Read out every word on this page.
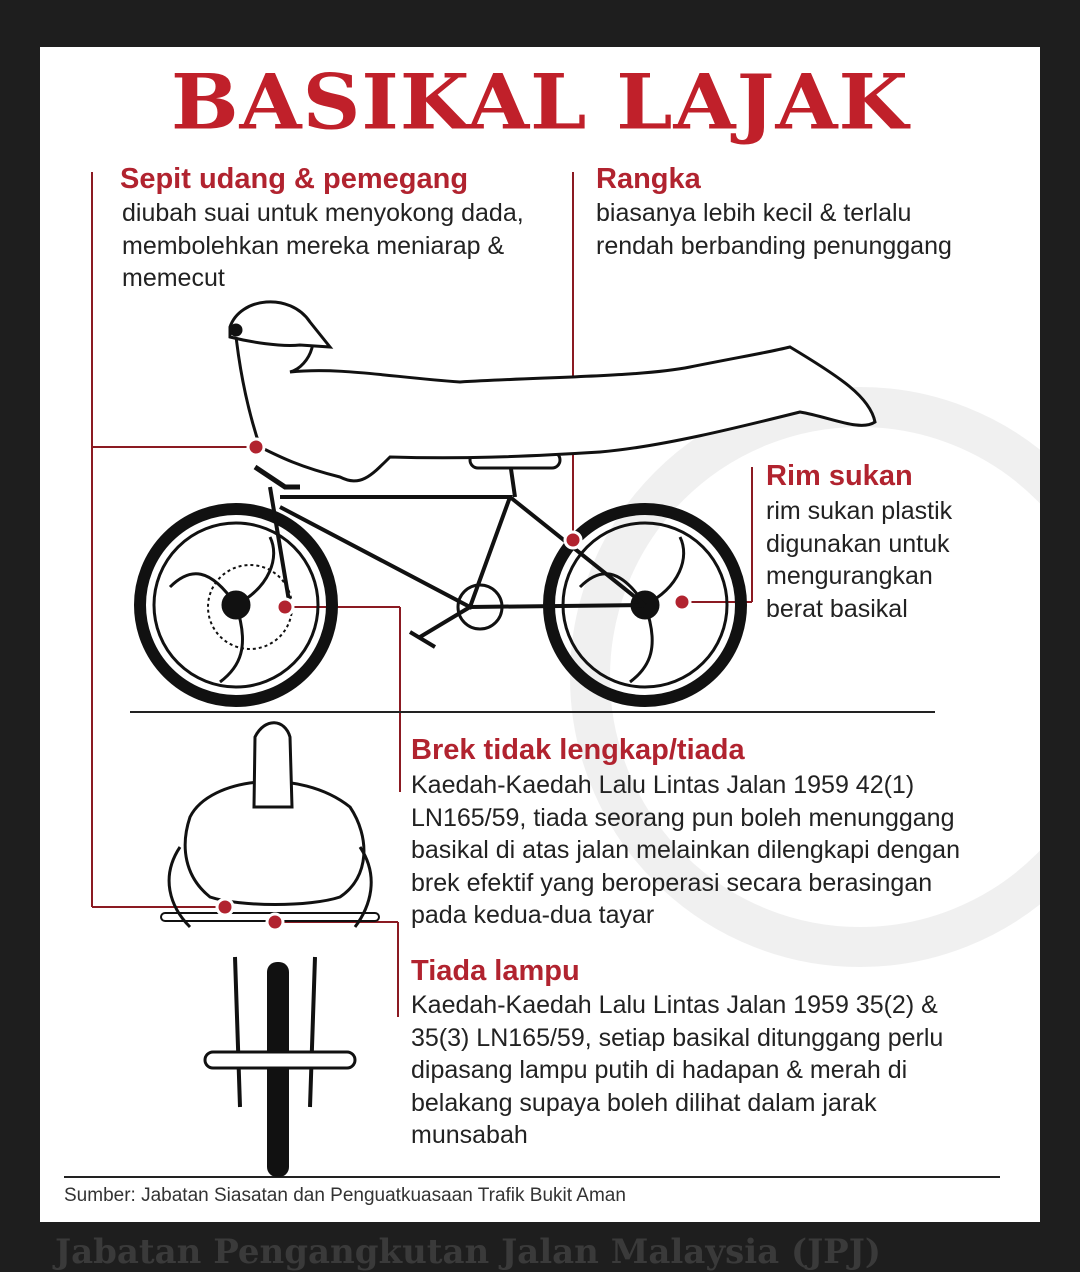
BASIKAL LAJAK
Sepit udang & pemegang
diubah suai untuk menyokong dada,
membolehkan mereka meniarap &
memecut
Rangka
biasanya lebih kecil & terlalu
rendah berbanding penunggang
Rim sukan
rim sukan plastik
digunakan untuk
mengurangkan
berat basikal
Brek tidak lengkap/tiada
Kaedah-Kaedah Lalu Lintas Jalan 1959 42(1)
LN165/59, tiada seorang pun boleh menunggang
basikal di atas jalan melainkan dilengkapi dengan
brek efektif yang beroperasi secara berasingan
pada kedua-dua tayar
Tiada lampu
Kaedah-Kaedah Lalu Lintas Jalan 1959 35(2) &
35(3) LN165/59, setiap basikal ditunggang perlu
dipasang lampu putih di hadapan & merah di
belakang supaya boleh dilihat dalam jarak
munsabah
Sumber: Jabatan Siasatan dan Penguatkuasaan Trafik Bukit Aman
Jabatan Pengangkutan Jalan Malaysia (JPJ)
